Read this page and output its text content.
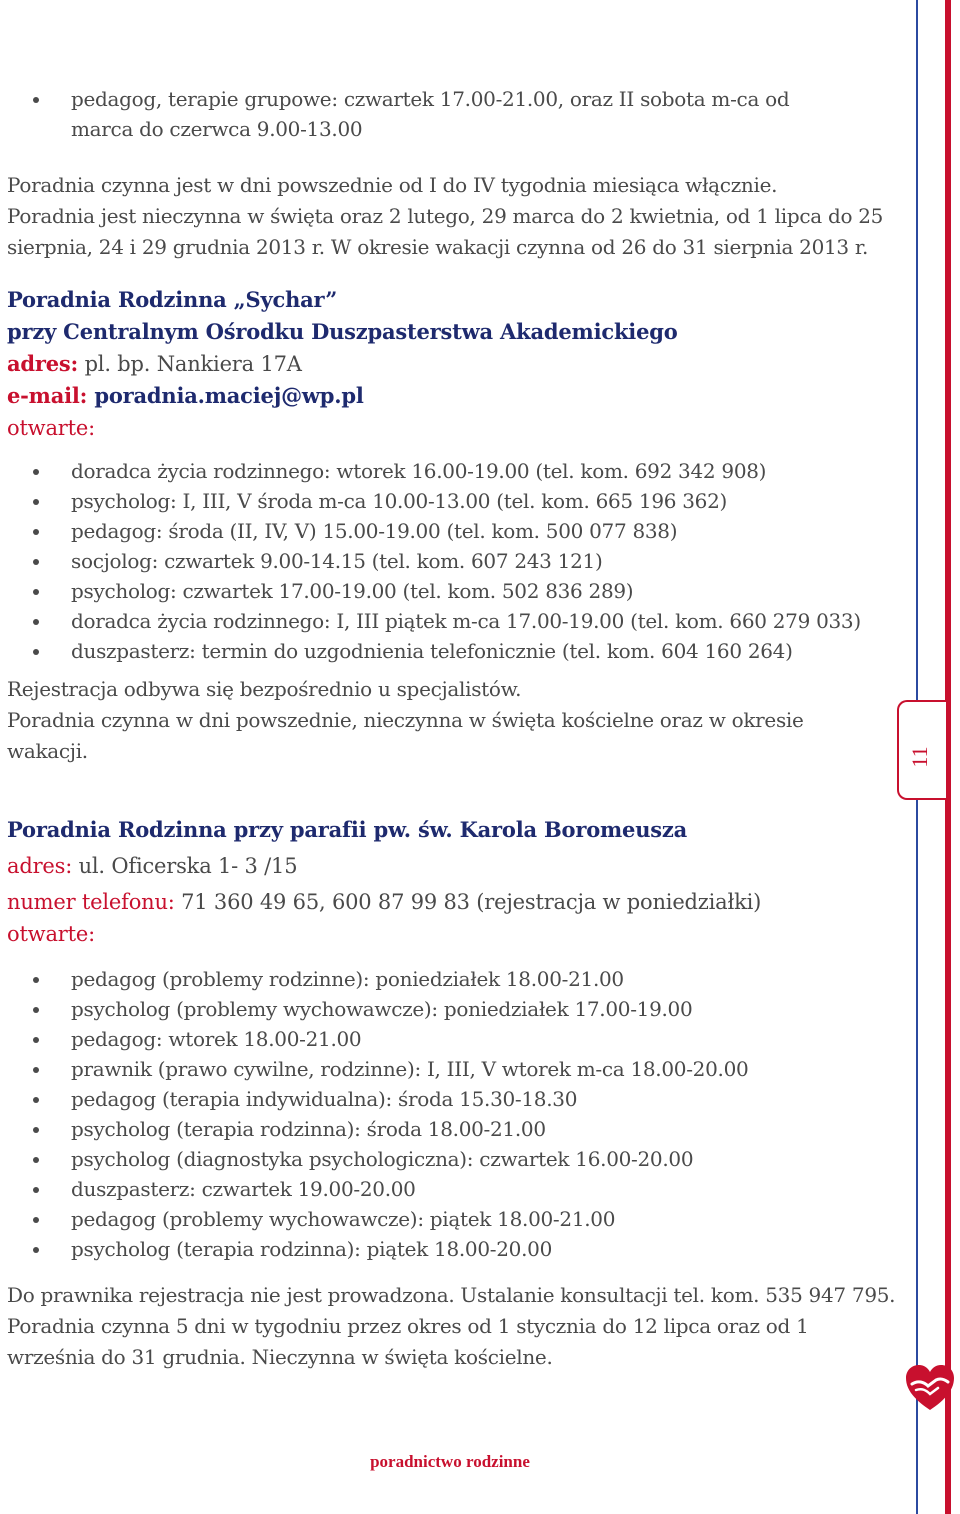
11
pedagog, terapie grupowe: czwartek 17.00-21.00, oraz II sobota m-ca od marca do czerwca 9.00-13.00

Poradnia czynna jest w dni powszednie od I do IV tygodnia miesiąca włącznie.

Poradnia jest nieczynna w święta oraz 2 lutego, 29 marca do 2 kwietnia, od 1 lipca do 25 sierpnia, 24 i 29 grudnia 2013 r. W okresie wakacji czynna od 26 do 31 sierpnia 2013 r.

Poradnia Rodzinna „Sychar”

przy Centralnym Ośrodku Duszpasterstwa Akademickiego

adres: pl. bp. Nankiera 17A

e-mail: poradnia.maciej@wp.pl

otwarte:

doradca życia rodzinnego: wtorek 16.00-19.00 (tel. kom. 692 342 908)
psycholog: I, III, V środa m-ca 10.00-13.00 (tel. kom. 665 196 362)
pedagog: środa (II, IV, V) 15.00-19.00 (tel. kom. 500 077 838)
socjolog: czwartek 9.00-14.15 (tel. kom. 607 243 121)
psycholog: czwartek 17.00-19.00 (tel. kom. 502 836 289)
doradca życia rodzinnego: I, III piątek m-ca 17.00-19.00 (tel. kom. 660 279 033)
duszpasterz: termin do uzgodnienia telefonicznie (tel. kom. 604 160 264)

Rejestracja odbywa się bezpośrednio u specjalistów.

Poradnia czynna w dni powszednie, nieczynna w święta kościelne oraz w okresie wakacji.

Poradnia Rodzinna przy parafii pw. św. Karola Boromeusza

adres: ul. Oficerska 1- 3 /15

numer telefonu: 71 360 49 65, 600 87 99 83 (rejestracja w poniedziałki)

otwarte:

pedagog (problemy rodzinne): poniedziałek 18.00-21.00
psycholog (problemy wychowawcze): poniedziałek 17.00-19.00
pedagog: wtorek 18.00-21.00
prawnik (prawo cywilne, rodzinne): I, III, V wtorek m-ca 18.00-20.00
pedagog (terapia indywidualna): środa 15.30-18.30
psycholog (terapia rodzinna): środa 18.00-21.00
psycholog (diagnostyka psychologiczna): czwartek 16.00-20.00
duszpasterz: czwartek 19.00-20.00
pedagog (problemy wychowawcze): piątek 18.00-21.00
psycholog (terapia rodzinna): piątek 18.00-20.00

Do prawnika rejestracja nie jest prowadzona. Ustalanie konsultacji tel. kom. 535 947 795.

Poradnia czynna 5 dni w tygodniu przez okres od 1 stycznia do 12 lipca oraz od 1 września do 31 grudnia. Nieczynna w święta kościelne.

poradnictwo rodzinne
